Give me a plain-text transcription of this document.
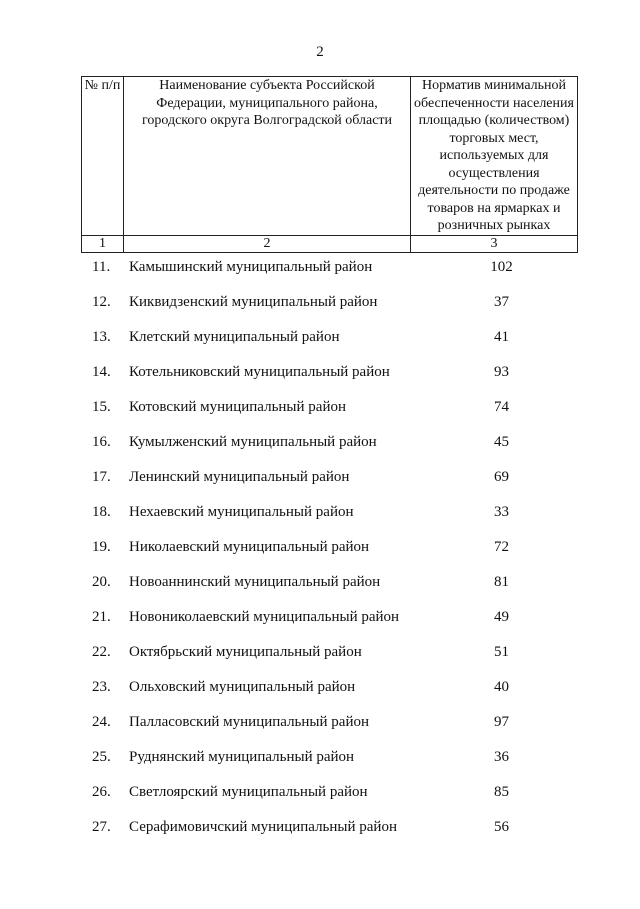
2
№ п/п	Наименование субъекта Российской Федерации, муниципального района, городского округа Волгоградской области	Норматив минимальной обеспеченности населения площадью (количеством) торговых мест, используемых для осуществления деятельности по продаже товаров на ярмарках и розничных рынках
1	2	3
11. Камышинский муниципальный район	102
12. Киквидзенский муниципальный район	37
13. Клетский муниципальный район	41
14. Котельниковский муниципальный район	93
15. Котовский муниципальный район	74
16. Кумылженский муниципальный район	45
17. Ленинский муниципальный район	69
18. Нехаевский муниципальный район	33
19. Николаевский муниципальный район	72
20. Новоаннинский муниципальный район	81
21. Новониколаевский муниципальный район	49
22. Октябрьский муниципальный район	51
23. Ольховский муниципальный район	40
24. Палласовский муниципальный район	97
25. Руднянский муниципальный район	36
26. Светлоярский муниципальный район	85
27. Серафимовичский муниципальный район	56
